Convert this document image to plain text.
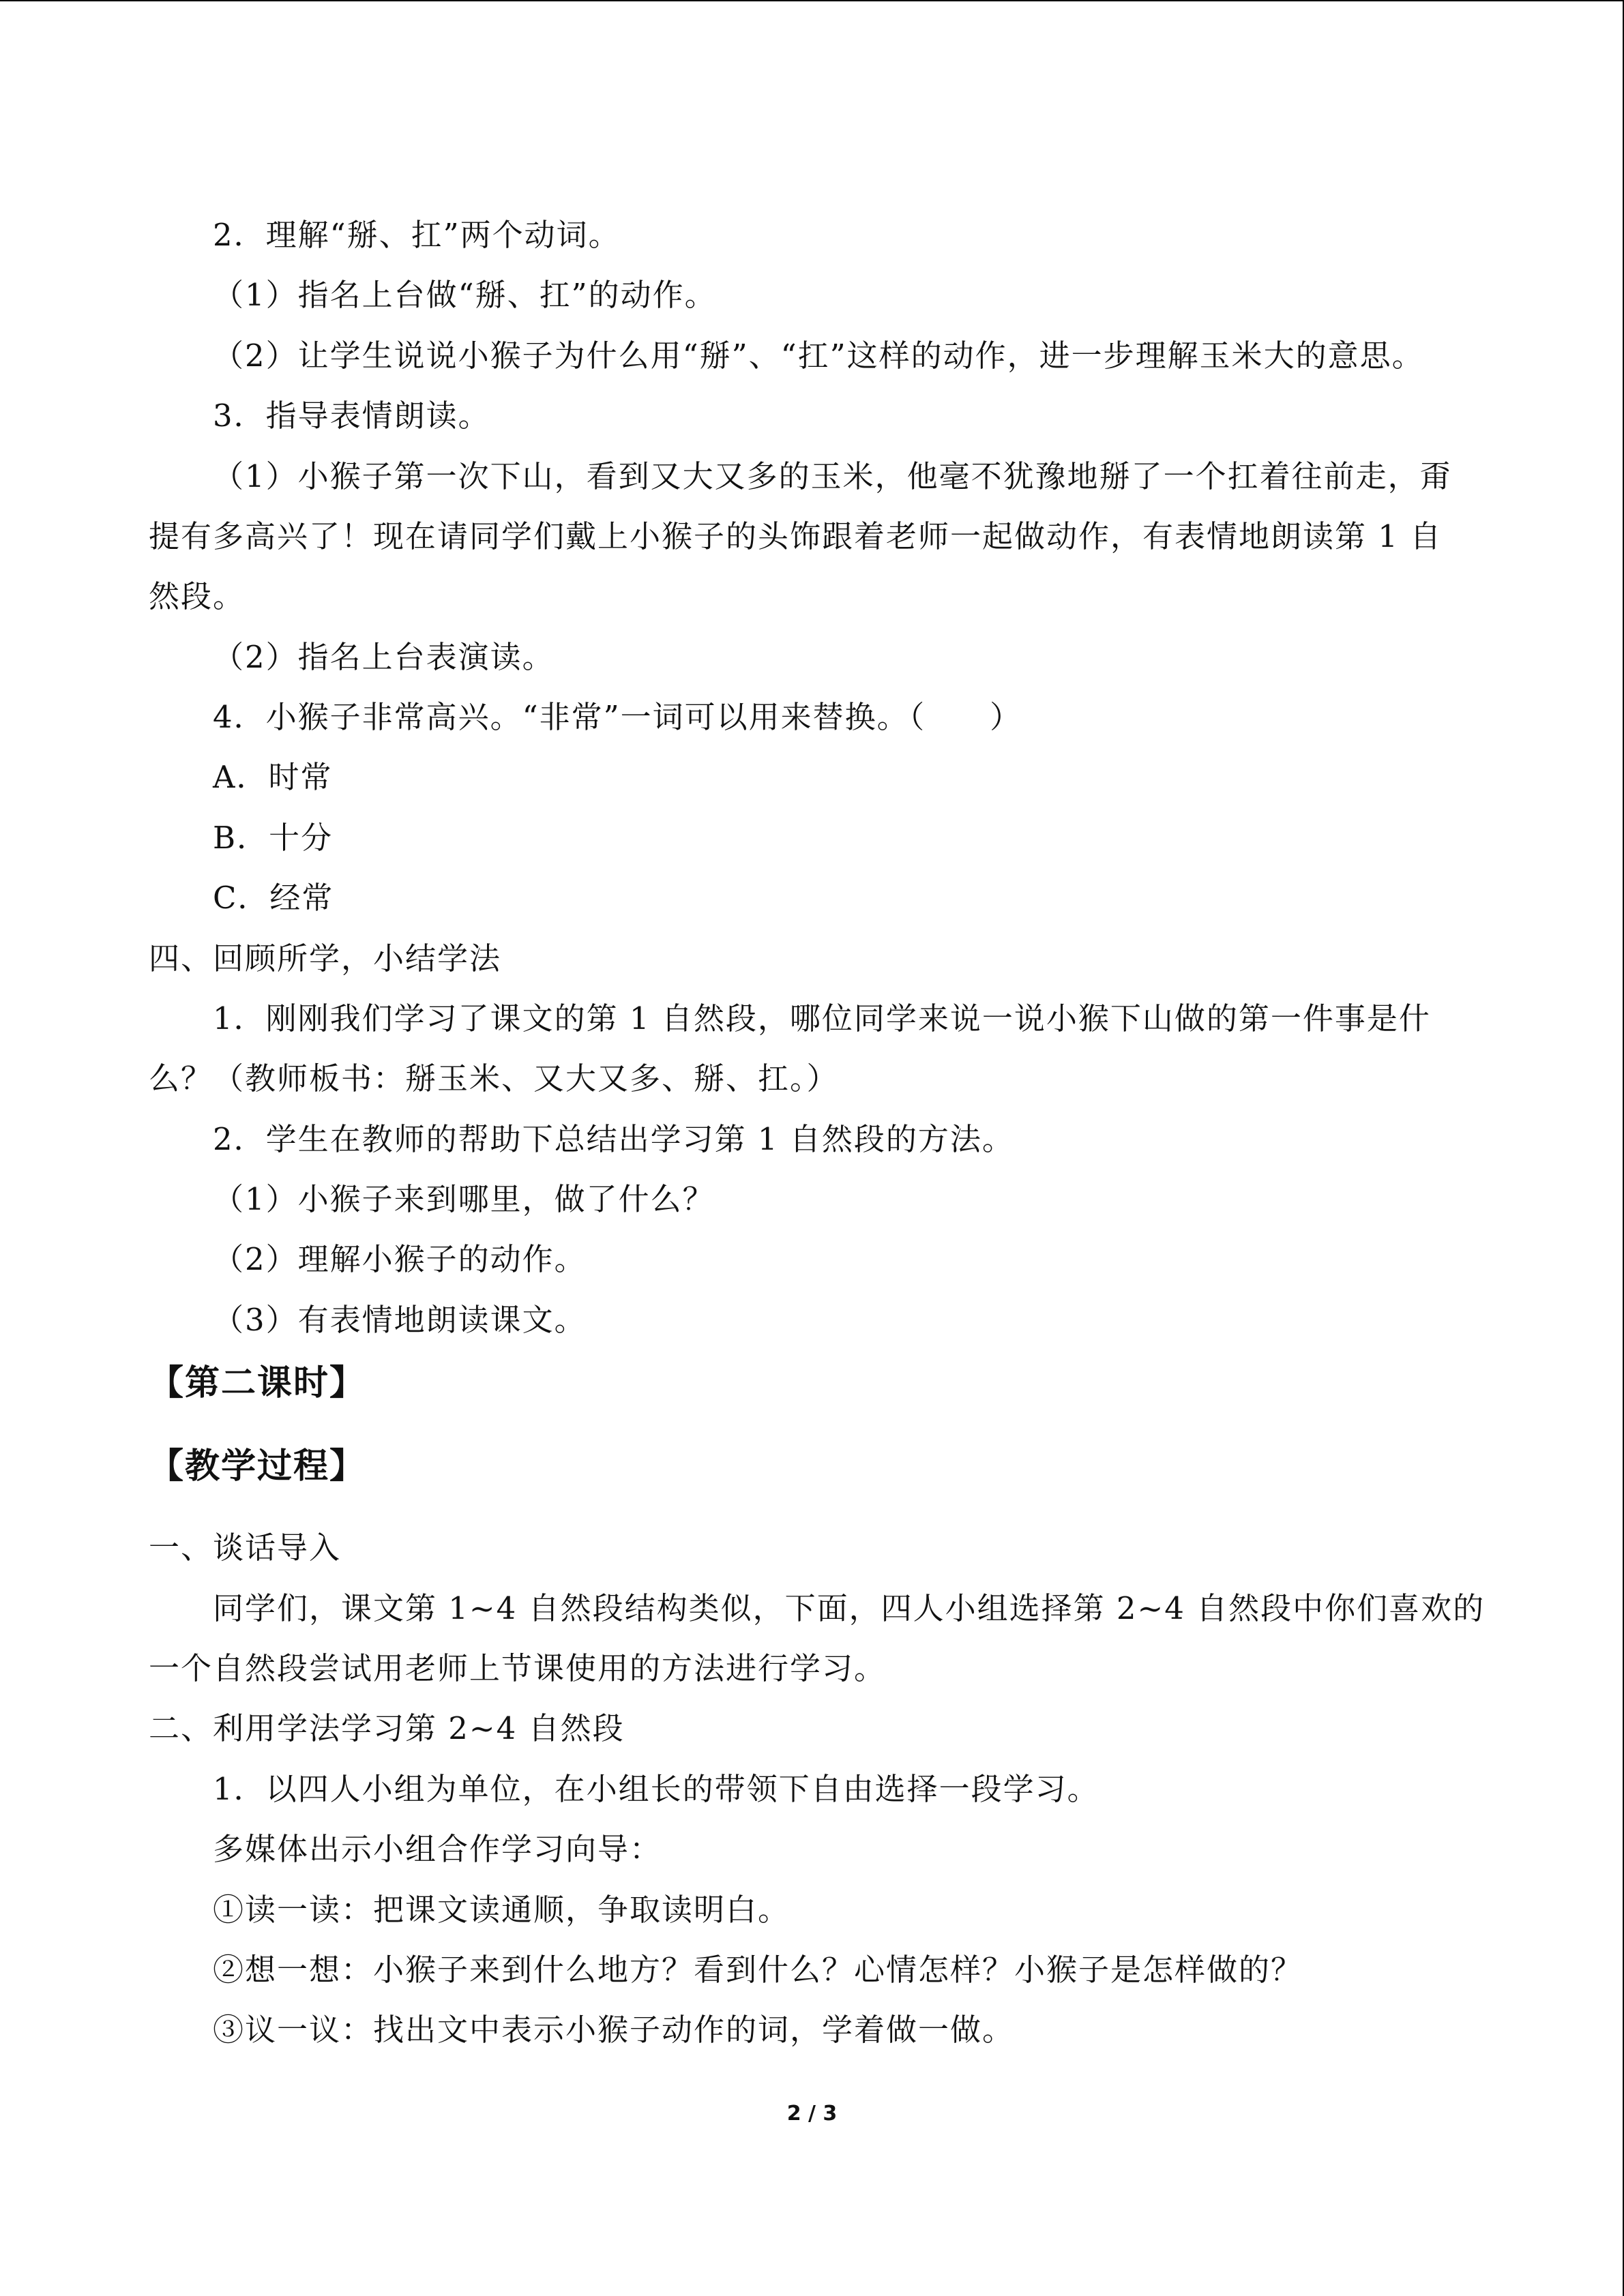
2．理解“掰、扛”两个动词。
（1）指名上台做“掰、扛”的动作。
（2）让学生说说小猴子为什么用“掰”、“扛”这样的动作，进一步理解玉米大的意思。
3．指导表情朗读。
（1）小猴子第一次下山，看到又大又多的玉米，他毫不犹豫地掰了一个扛着往前走，甭
提有多高兴了！现在请同学们戴上小猴子的头饰跟着老师一起做动作，有表情地朗读第 1 自
然段。
（2）指名上台表演读。
4．小猴子非常高兴。“非常”一词可以用来替换。（　　）
A．时常
B．十分
C．经常
四、回顾所学，小结学法
1．刚刚我们学习了课文的第 1 自然段，哪位同学来说一说小猴下山做的第一件事是什
么？（教师板书：掰玉米、又大又多、掰、扛。）
2．学生在教师的帮助下总结出学习第 1 自然段的方法。
（1）小猴子来到哪里，做了什么？
（2）理解小猴子的动作。
（3）有表情地朗读课文。
【第二课时】
【教学过程】
一、谈话导入
同学们，课文第 1~4 自然段结构类似，下面，四人小组选择第 2~4 自然段中你们喜欢的
一个自然段尝试用老师上节课使用的方法进行学习。
二、利用学法学习第 2~4 自然段
1．以四人小组为单位，在小组长的带领下自由选择一段学习。
多媒体出示小组合作学习向导：
①读一读：把课文读通顺，争取读明白。
②想一想：小猴子来到什么地方？看到什么？心情怎样？小猴子是怎样做的？
③议一议：找出文中表示小猴子动作的词，学着做一做。
2 / 3
